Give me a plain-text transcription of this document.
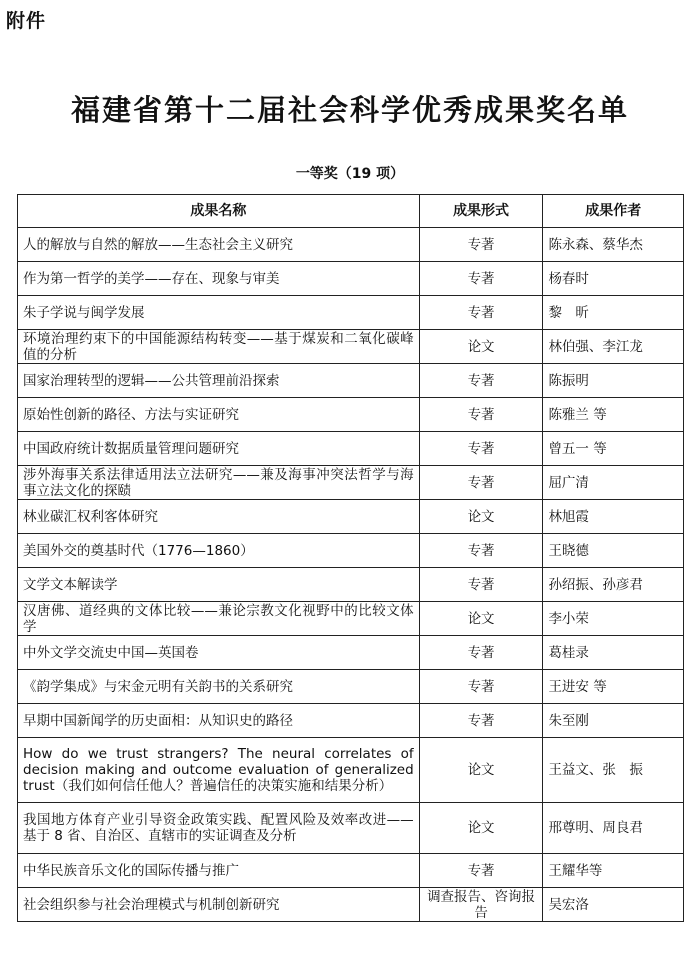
附件
福建省第十二届社会科学优秀成果奖名单
一等奖（19 项）
成果名称	成果形式	成果作者
人的解放与自然的解放——生态社会主义研究	专著	陈永森、蔡华杰
作为第一哲学的美学——存在、现象与审美	专著	杨春时
朱子学说与闽学发展	专著	黎　昕
环境治理约束下的中国能源结构转变——基于煤炭和二氧化碳峰值的分析	论文	林伯强、李江龙
国家治理转型的逻辑——公共管理前沿探索	专著	陈振明
原始性创新的路径、方法与实证研究	专著	陈雅兰 等
中国政府统计数据质量管理问题研究	专著	曾五一 等
涉外海事关系法律适用法立法研究——兼及海事冲突法哲学与海事立法文化的探赜	专著	屈广清
林业碳汇权利客体研究	论文	林旭霞
美国外交的奠基时代（1776—1860）	专著	王晓德
文学文本解读学	专著	孙绍振、孙彦君
汉唐佛、道经典的文体比较——兼论宗教文化视野中的比较文体学	论文	李小荣
中外文学交流史中国—英国卷	专著	葛桂录
《韵学集成》与宋金元明有关韵书的关系研究	专著	王进安 等
早期中国新闻学的历史面相：从知识史的路径	专著	朱至刚
How do we trust strangers? The neural correlates of decision making and outcome evaluation of generalized trust（我们如何信任他人？普遍信任的决策实施和结果分析）	论文	王益文、张　振
我国地方体育产业引导资金政策实践、配置风险及效率改进——基于 8 省、自治区、直辖市的实证调查及分析	论文	邢尊明、周良君
中华民族音乐文化的国际传播与推广	专著	王耀华等
社会组织参与社会治理模式与机制创新研究	调查报告、咨询报告	吴宏洛
